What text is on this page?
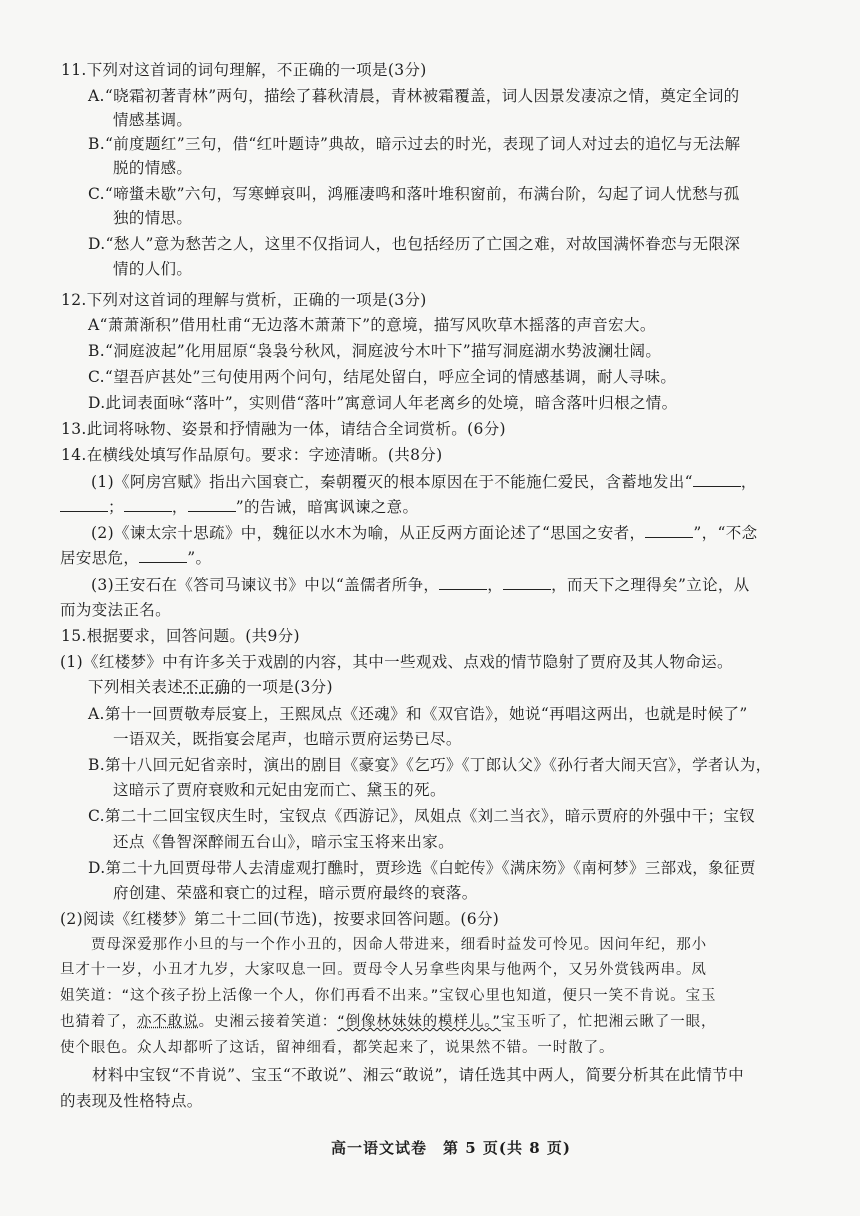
11.下列对这首词的词句理解，不正确的一项是(3分)
A.“晓霜初著青林”两句，描绘了暮秋清晨，青林被霜覆盖，词人因景发凄凉之情，奠定全词的
情感基调。
B.“前度题红”三句，借“红叶题诗”典故，暗示过去的时光，表现了词人对过去的追忆与无法解
脱的情感。
C.“啼螀未歇”六句，写寒蝉哀叫，鸿雁凄鸣和落叶堆积窗前，布满台阶，勾起了词人忧愁与孤
独的情思。
D.“愁人”意为愁苦之人，这里不仅指词人，也包括经历了亡国之难，对故国满怀眷恋与无限深
情的人们。
12.下列对这首词的理解与赏析，正确的一项是(3分)
A“萧萧渐积”借用杜甫“无边落木萧萧下”的意境，描写风吹草木摇落的声音宏大。
B.“洞庭波起”化用屈原“袅袅兮秋风，洞庭波兮木叶下”描写洞庭湖水势波澜壮阔。
C.“望吾庐甚处”三句使用两个问句，结尾处留白，呼应全词的情感基调，耐人寻味。
D.此词表面咏“落叶”，实则借“落叶”寓意词人年老离乡的处境，暗含落叶归根之情。
13.此词将咏物、姿景和抒情融为一体，请结合全词赏析。(6分)
14.在横线处填写作品原句。要求：字迹清晰。(共8分)
(1)《阿房宫赋》指出六国衰亡，秦朝覆灭的根本原因在于不能施仁爱民，含蓄地发出“	，
；	，	”的告诫，暗寓讽谏之意。
(2)《谏太宗十思疏》中，魏征以水木为喻，从正反两方面论述了“思国之安者，	”，“不念
居安思危，	”。
(3)王安石在《答司马谏议书》中以“盖儒者所争，	，	，而天下之理得矣”立论，从
而为变法正名。
15.根据要求，回答问题。(共9分)
(1)《红楼梦》中有许多关于戏剧的内容，其中一些观戏、点戏的情节隐射了贾府及其人物命运。
下列相关表述不正确的一项是(3分)
A.第十一回贾敬寿辰宴上，王熙凤点《还魂》和《双官诰》，她说“再唱这两出，也就是时候了”
一语双关，既指宴会尾声，也暗示贾府运势已尽。
B.第十八回元妃省亲时，演出的剧目《豪宴》《乞巧》《丁郎认父》《孙行者大闹天宫》，学者认为，
这暗示了贾府衰败和元妃由宠而亡、黛玉的死。
C.第二十二回宝钗庆生时，宝钗点《西游记》，凤姐点《刘二当衣》，暗示贾府的外强中干；宝钗
还点《鲁智深醉闹五台山》，暗示宝玉将来出家。
D.第二十九回贾母带人去清虚观打醮时，贾珍选《白蛇传》《满床笏》《南柯梦》三部戏，象征贾
府创建、荣盛和衰亡的过程，暗示贾府最终的衰落。
(2)阅读《红楼梦》第二十二回(节选)，按要求回答问题。(6分)
贾母深爱那作小旦的与一个作小丑的，因命人带进来，细看时益发可怜见。因问年纪，那小
旦才十一岁，小丑才九岁，大家叹息一回。贾母令人另拿些肉果与他两个，又另外赏钱两串。凤
姐笑道：“这个孩子扮上活像一个人，你们再看不出来。”宝钗心里也知道，便只一笑不肯说。宝玉
也猜着了，亦不敢说。史湘云接着笑道：“倒像林妹妹的模样儿。”宝玉听了，忙把湘云瞅了一眼，
使个眼色。众人却都听了这话，留神细看，都笑起来了，说果然不错。一时散了。
材料中宝钗“不肯说”、宝玉“不敢说”、湘云“敢说”，请任选其中两人，简要分析其在此情节中
的表现及性格特点。
高一语文试卷　第 5 页(共 8 页)
